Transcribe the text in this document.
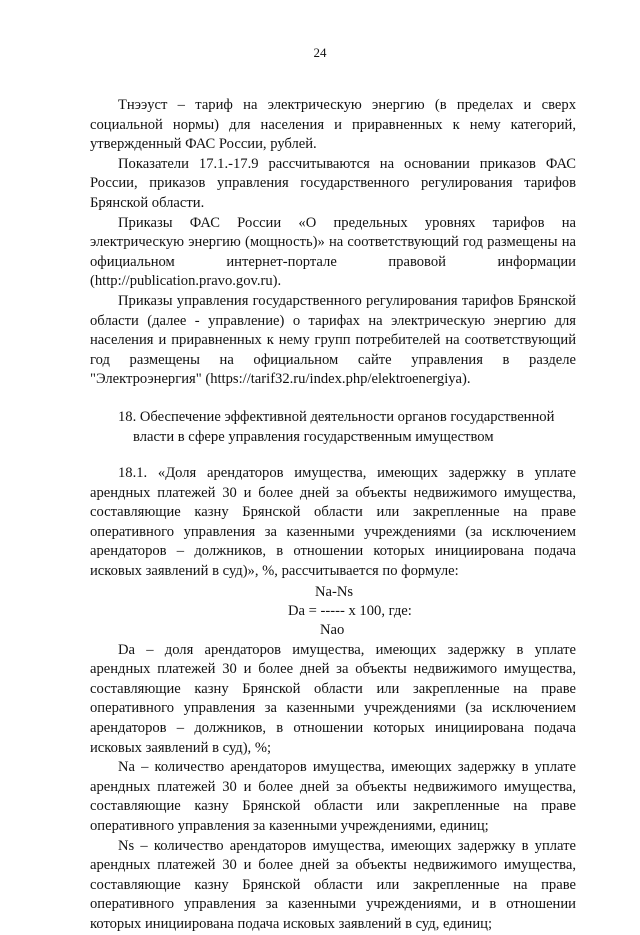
24

Тнээуст – тариф на электрическую энергию (в пределах и сверх социальной нормы) для населения и приравненных к нему категорий, утвержденный ФАС России, рублей.

Показатели 17.1.-17.9 рассчитываются на основании приказов ФАС России, приказов управления государственного регулирования тарифов Брянской области.

Приказы ФАС России «О предельных уровнях тарифов на электрическую энергию (мощность)» на соответствующий год размещены на официальном интернет-портале правовой информации (http://publication.pravo.gov.ru).

Приказы управления государственного регулирования тарифов Брянской области (далее - управление) о тарифах на электрическую энергию для населения и приравненных к нему групп потребителей на соответствующий год размещены на официальном сайте управления в разделе "Электроэнергия" (https://tarif32.ru/index.php/elektroenergiya).

18. Обеспечение эффективной деятельности органов государственной
власти в сфере управления государственным имуществом

18.1. «Доля арендаторов имущества, имеющих задержку в уплате арендных платежей 30 и более дней за объекты недвижимого имущества, составляющие казну Брянской области или закрепленные на праве оперативного управления за казенными учреждениями (за исключением арендаторов – должников, в отношении которых инициирована подача исковых заявлений в суд)», %, рассчитывается по формуле:

Na-Ns
Da = ----- х 100, где:
Nao

Da – доля арендаторов имущества, имеющих задержку в уплате арендных платежей 30 и более дней за объекты недвижимого имущества, составляющие казну Брянской области или закрепленные на праве оперативного управления за казенными учреждениями (за исключением арендаторов – должников, в отношении которых инициирована подача исковых заявлений в суд), %;

Na – количество арендаторов имущества, имеющих задержку в уплате арендных платежей 30 и более дней за объекты недвижимого имущества, составляющие казну Брянской области или закрепленные на праве оперативного управления за казенными учреждениями, единиц;

Ns – количество арендаторов имущества, имеющих задержку в уплате арендных платежей 30 и более дней за объекты недвижимого имущества, составляющие казну Брянской области или закрепленные на праве оперативного управления за казенными учреждениями, и в отношении которых инициирована подача исковых заявлений в суд, единиц;
